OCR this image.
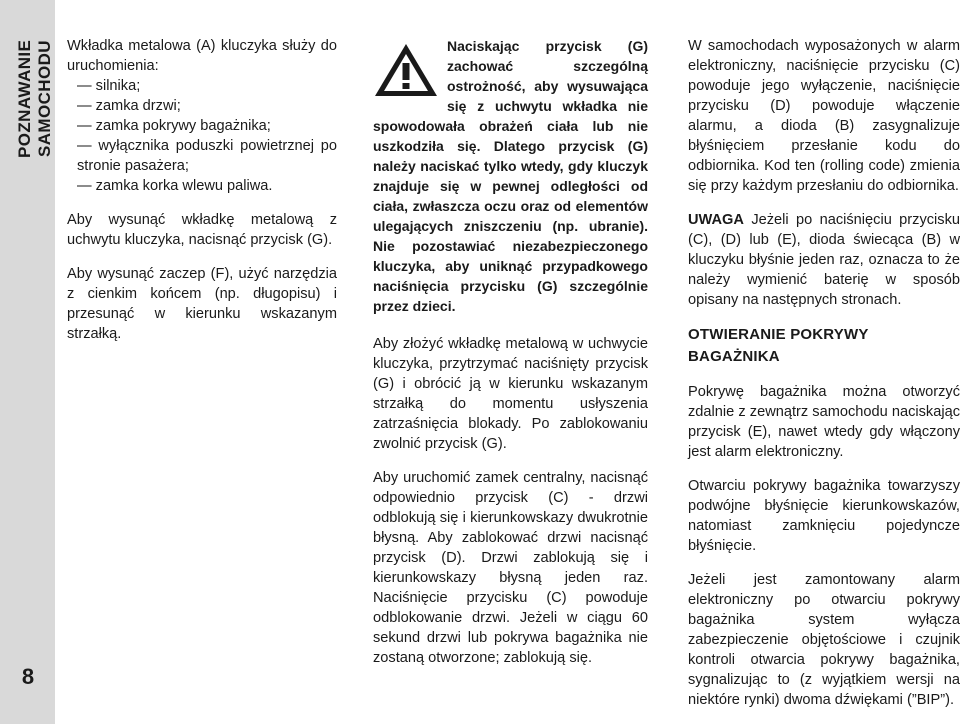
POZNAWANIE SAMOCHODU
8

Wkładka metalowa (A) kluczyka służy do uruchomienia:

— silnika;

— zamka drzwi;

— zamka pokrywy bagażnika;

— wyłącznika poduszki powietrznej po stronie pasażera;

— zamka korka wlewu paliwa.

Aby wysunąć wkładkę metalową z uchwytu kluczyka, nacisnąć przycisk (G).

Aby wysunąć zaczep (F), użyć narzędzia z cienkim końcem (np. długopisu) i przesunąć w kierunku wskazanym strzałką.

Naciskając przycisk (G) zachować szczególną ostrożność, aby wysuwająca się z uchwytu wkładka nie spowodowała obrażeń ciała lub nie uszkodziła się. Dlatego przycisk (G) należy naciskać tylko wtedy, gdy kluczyk znajduje się w pewnej odległości od ciała, zwłaszcza oczu oraz od elementów ulegających zniszczeniu (np. ubranie). Nie pozostawiać niezabezpieczonego kluczyka, aby uniknąć przypadkowego naciśnięcia przycisku (G) szczególnie przez dzieci.

Aby złożyć wkładkę metalową w uchwycie kluczyka, przytrzymać naciśnięty przycisk (G) i obrócić ją w kierunku wskazanym strzałką do momentu usłyszenia zatrzaśnięcia blokady. Po zablokowaniu zwolnić przycisk (G).

Aby uruchomić zamek centralny, nacisnąć odpowiednio przycisk (C) - drzwi odblokują się i kierunkowskazy dwukrotnie błysną. Aby zablokować drzwi nacisnąć przycisk (D). Drzwi zablokują się i kierunkowskazy błysną jeden raz. Naciśnięcie przycisku (C) powoduje odblokowanie drzwi. Jeżeli w ciągu 60 sekund drzwi lub pokrywa bagażnika nie zostaną otworzone; zablokują się.

W samochodach wyposażonych w alarm elektroniczny, naciśnięcie przycisku (C) powoduje jego wyłączenie, naciśnięcie przycisku (D) powoduje włączenie alarmu, a dioda (B) zasygnalizuje błyśnięciem przesłanie kodu do odbiornika. Kod ten (rolling code) zmienia się przy każdym przesłaniu do odbiornika.

UWAGA Jeżeli po naciśnięciu przycisku (C), (D) lub (E), dioda świecąca (B) w kluczyku błyśnie jeden raz, oznacza to że należy wymienić baterię w sposób opisany na następnych stronach.

OTWIERANIE POKRYWY BAGAŻNIKA

Pokrywę bagażnika można otworzyć zdalnie z zewnątrz samochodu naciskając przycisk (E), nawet wtedy gdy włączony jest alarm elektroniczny.

Otwarciu pokrywy bagażnika towarzyszy podwójne błyśnięcie kierunkowskazów, natomiast zamknięciu pojedyncze błyśnięcie.

Jeżeli jest zamontowany alarm elektroniczny po otwarciu pokrywy bagażnika system wyłącza zabezpieczenie objętościowe i czujnik kontroli otwarcia pokrywy bagażnika, sygnalizując to (z wyjątkiem wersji na niektóre rynki) dwoma dźwiękami (”BIP”).
